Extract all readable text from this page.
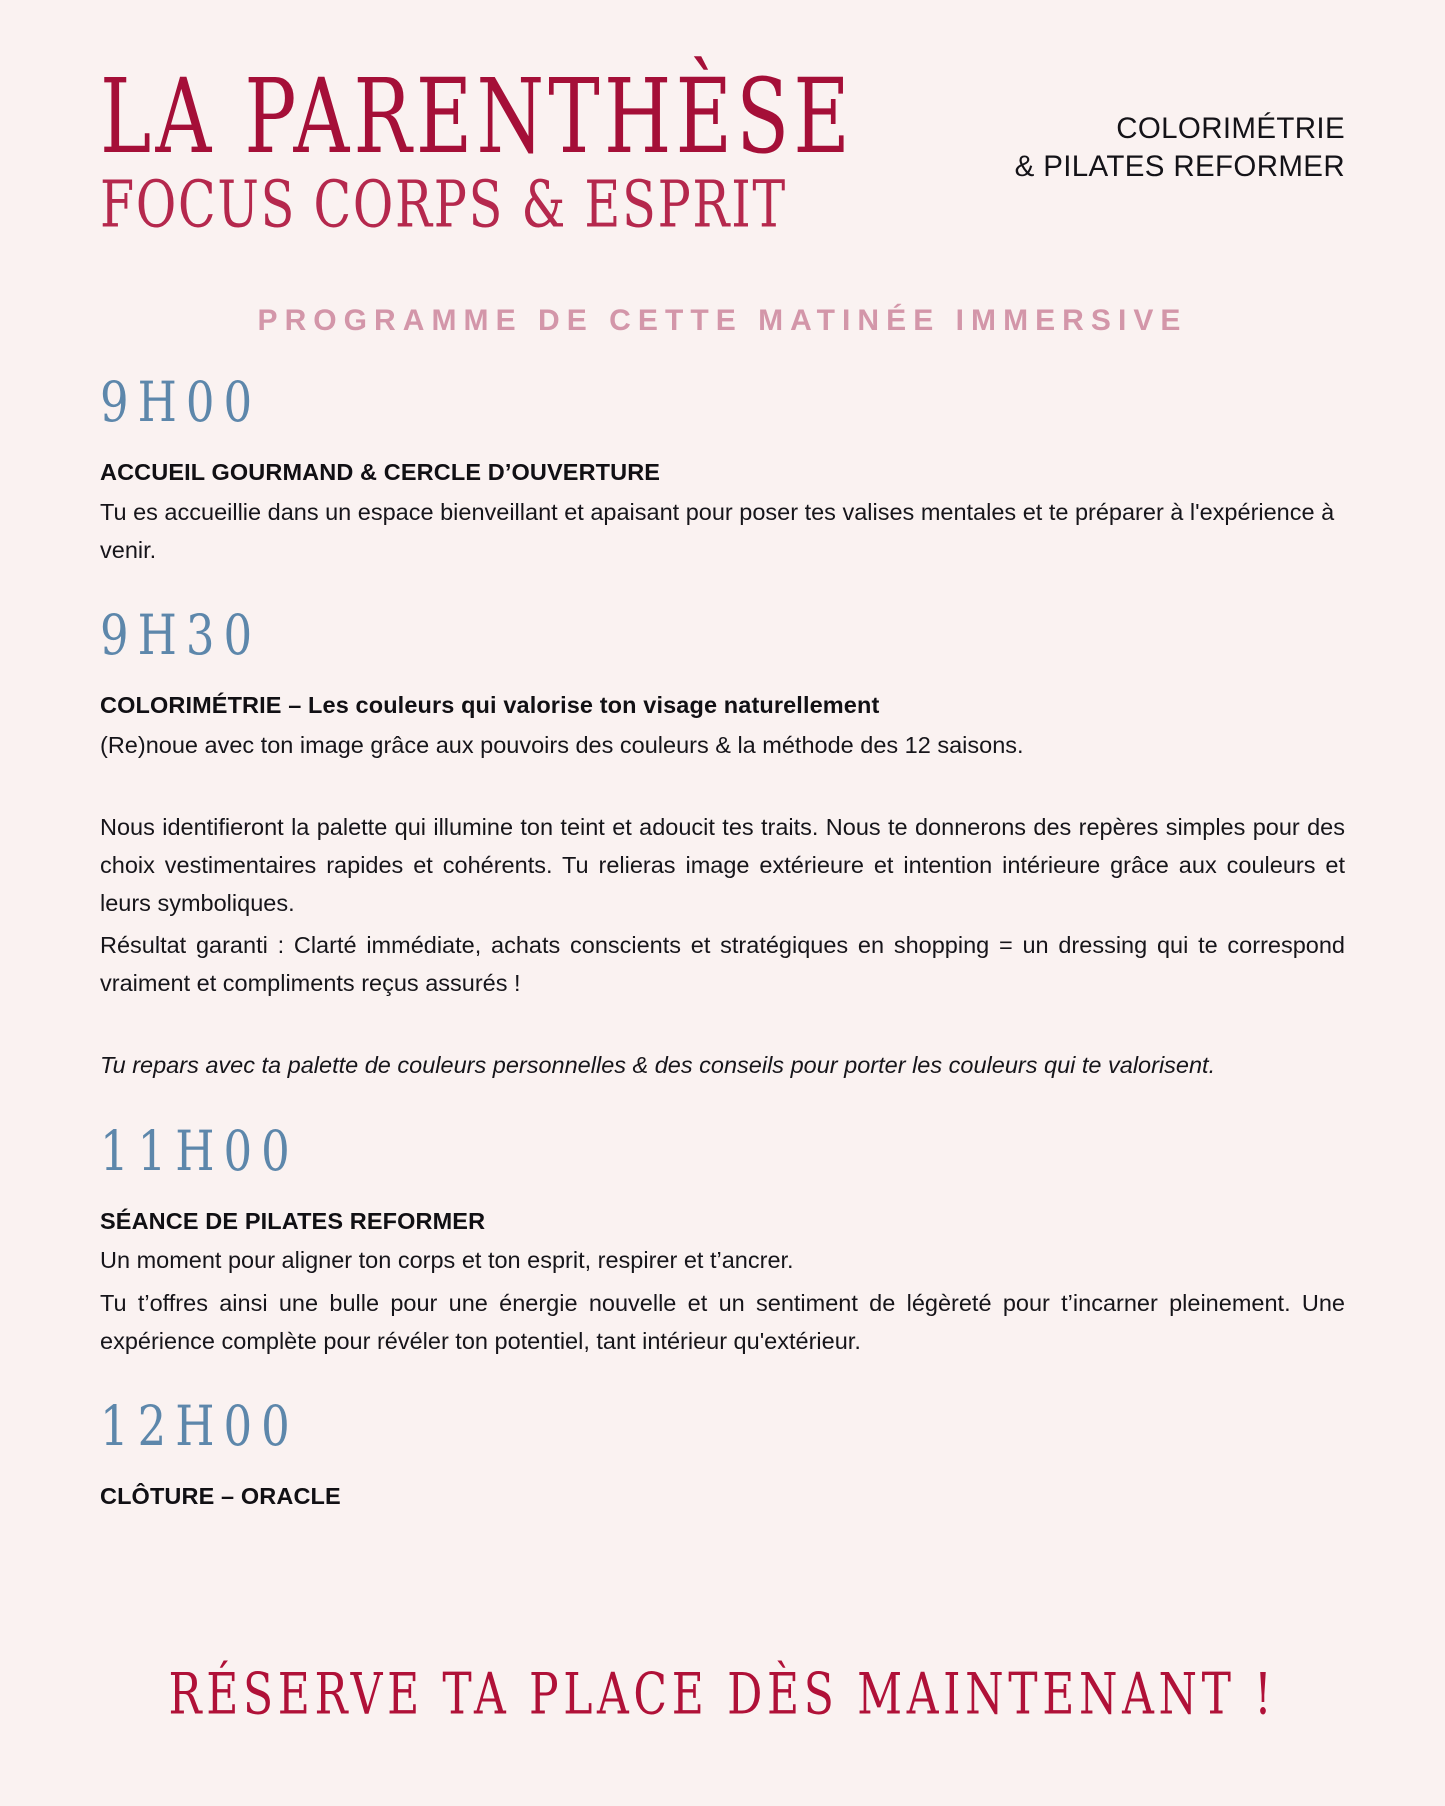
LA PARENTHÈSE
FOCUS CORPS & ESPRIT
COLORIMÉTRIE
& PILATES REFORMER
PROGRAMME DE CETTE MATINÉE IMMERSIVE
9H00
ACCUEIL GOURMAND & CERCLE D’OUVERTURE
Tu es accueillie dans un espace bienveillant et apaisant pour poser tes valises mentales et te préparer à l'expérience à venir.
9H30
COLORIMÉTRIE – Les couleurs qui valorise ton visage naturellement
(Re)noue avec ton image grâce aux pouvoirs des couleurs & la méthode des 12 saisons.
Nous identifieront la palette qui illumine ton teint et adoucit tes traits. Nous te donnerons des repères simples pour des choix vestimentaires rapides et cohérents. Tu relieras image extérieure et intention intérieure grâce aux couleurs et leurs symboliques.
Résultat garanti : Clarté immédiate, achats conscients et stratégiques en shopping = un dressing qui te correspond vraiment et compliments reçus assurés !
Tu repars avec ta palette de couleurs personnelles & des conseils pour porter les couleurs qui te valorisent.
11H00
SÉANCE DE PILATES REFORMER
Un moment pour aligner ton corps et ton esprit, respirer et t’ancrer.
Tu t’offres ainsi une bulle pour une énergie nouvelle et un sentiment de légèreté pour t’incarner pleinement. Une expérience complète pour révéler ton potentiel, tant intérieur qu'extérieur.
12H00
CLÔTURE – ORACLE
RÉSERVE TA PLACE DÈS MAINTENANT !
